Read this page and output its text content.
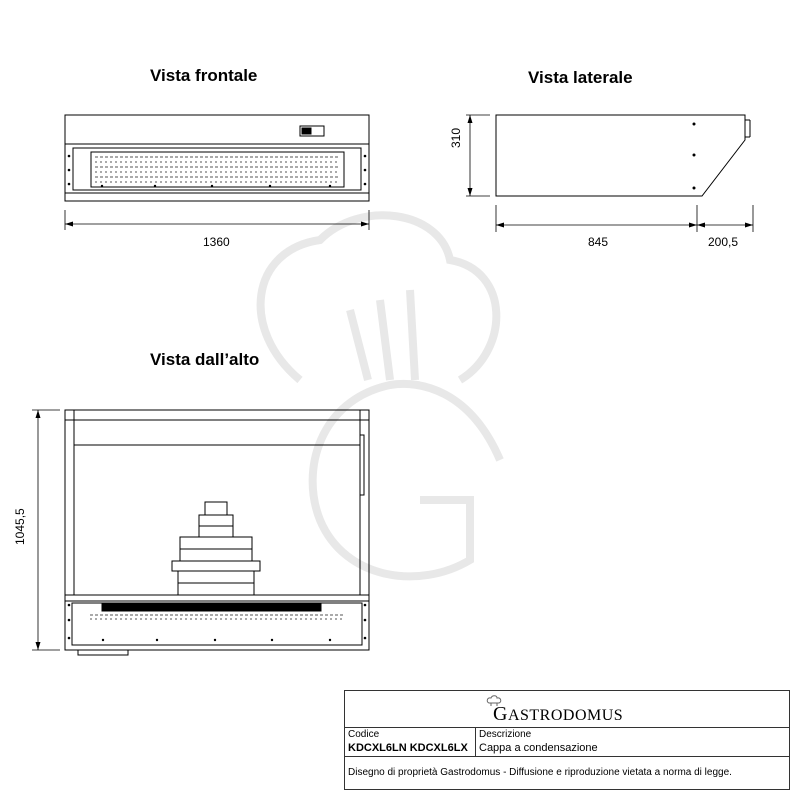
Vista frontale	Vista laterale
Vista dall’alto
1360
310
845	200,5
1045,5
GASTRODOMUS
Codice
KDCXL6LN KDCXL6LX
Descrizione
Cappa a condensazione
Disegno di proprietà Gastrodomus - Diffusione e riproduzione vietata a norma di legge.
